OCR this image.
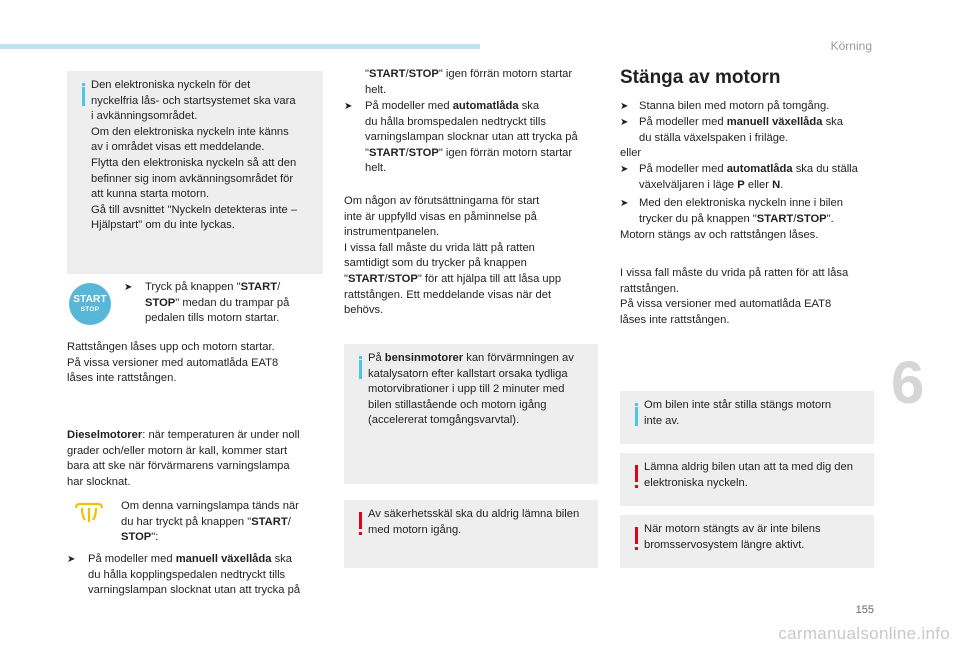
Körning
6
155
carmanualsonline.info
Den elektroniska nyckeln för det
nyckelfria lås- och startsystemet ska vara
i avkänningsområdet.
Om den elektroniska nyckeln inte känns
av i området visas ett meddelande.
Flytta den elektroniska nyckeln så att den
befinner sig inom avkänningsområdet för
att kunna starta motorn.
Gå till avsnittet "Nyckeln detekteras inte –
Hjälpstart" om du inte lyckas.
START
STOP
➤ Tryck på knappen "START/
STOP" medan du trampar på
pedalen tills motorn startar.
Rattstången låses upp och motorn startar.
På vissa versioner med automatlåda EAT8
låses inte rattstången.
Dieselmotorer: när temperaturen är under noll
grader och/eller motorn är kall, kommer start
bara att ske när förvärmarens varningslampa
har slocknat.
Om denna varningslampa tänds när
du har tryckt på knappen "START/
STOP":
➤ På modeller med manuell växellåda ska
du hålla kopplingspedalen nedtryckt tills
varningslampan slocknat utan att trycka på
"START/STOP" igen förrän motorn startar
helt.
➤ På modeller med automatlåda ska
du hålla bromspedalen nedtryckt tills
varningslampan slocknar utan att trycka på
"START/STOP" igen förrän motorn startar
helt.
Om någon av förutsättningarna för start
inte är uppfylld visas en påminnelse på
instrumentpanelen.
I vissa fall måste du vrida lätt på ratten
samtidigt som du trycker på knappen
"START/STOP" för att hjälpa till att låsa upp
rattstången. Ett meddelande visas när det
behövs.
På bensinmotorer kan förvärmningen av
katalysatorn efter kallstart orsaka tydliga
motorvibrationer i upp till 2 minuter med
bilen stillastående och motorn igång
(accelererat tomgångsvarvtal).
Av säkerhetsskäl ska du aldrig lämna bilen
med motorn igång.
Stänga av motorn
➤ Stanna bilen med motorn på tomgång.
➤ På modeller med manuell växellåda ska
du ställa växelspaken i friläge.
eller
➤ På modeller med automatlåda ska du ställa
växelväljaren i läge P eller N.
➤ Med den elektroniska nyckeln inne i bilen
trycker du på knappen "START/STOP".
Motorn stängs av och rattstången låses.
I vissa fall måste du vrida på ratten för att låsa
rattstången.
På vissa versioner med automatlåda EAT8
låses inte rattstången.
Om bilen inte står stilla stängs motorn
inte av.
Lämna aldrig bilen utan att ta med dig den
elektroniska nyckeln.
När motorn stängts av är inte bilens
bromsservosystem längre aktivt.
